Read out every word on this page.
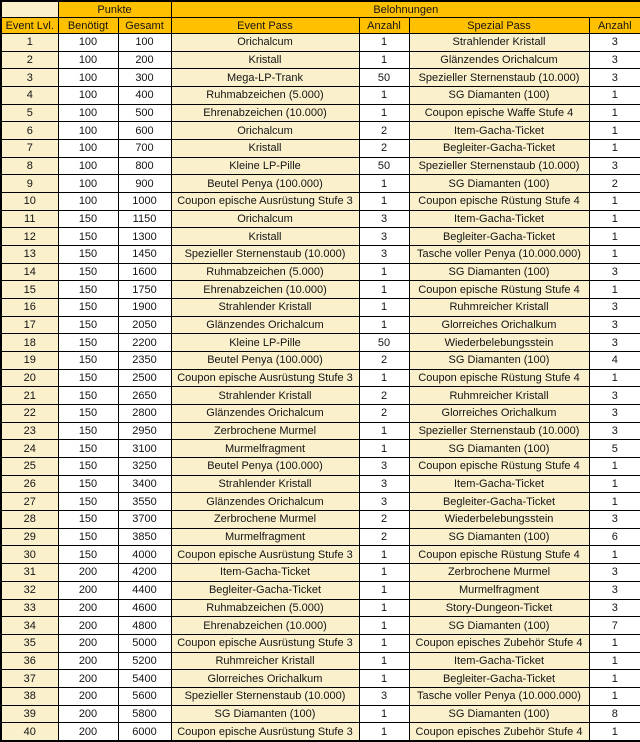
	Punkte		Belohnungen			
Event Lvl.	Benötigt	Gesamt	Event Pass	Anzahl	Spezial Pass	Anzahl
1	100	100	Orichalcum	1	Strahlender Kristall	3
2	100	200	Kristall	1	Glänzendes Orichalcum	3
3	100	300	Mega-LP-Trank	50	Spezieller Sternenstaub (10.000)	3
4	100	400	Ruhmabzeichen (5.000)	1	SG Diamanten (100)	1
5	100	500	Ehrenabzeichen (10.000)	1	Coupon epische Waffe Stufe 4	1
6	100	600	Orichalcum	2	Item-Gacha-Ticket	1
7	100	700	Kristall	2	Begleiter-Gacha-Ticket	1
8	100	800	Kleine LP-Pille	50	Spezieller Sternenstaub (10.000)	3
9	100	900	Beutel Penya (100.000)	1	SG Diamanten (100)	2
10	100	1000	Coupon epische Ausrüstung Stufe 3	1	Coupon epische Rüstung Stufe 4	1
11	150	1150	Orichalcum	3	Item-Gacha-Ticket	1
12	150	1300	Kristall	3	Begleiter-Gacha-Ticket	1
13	150	1450	Spezieller Sternenstaub (10.000)	3	Tasche voller Penya (10.000.000)	1
14	150	1600	Ruhmabzeichen (5.000)	1	SG Diamanten (100)	3
15	150	1750	Ehrenabzeichen (10.000)	1	Coupon epische Rüstung Stufe 4	1
16	150	1900	Strahlender Kristall	1	Ruhmreicher Kristall	3
17	150	2050	Glänzendes Orichalcum	1	Glorreiches Orichalkum	3
18	150	2200	Kleine LP-Pille	50	Wiederbelebungsstein	3
19	150	2350	Beutel Penya (100.000)	2	SG Diamanten (100)	4
20	150	2500	Coupon epische Ausrüstung Stufe 3	1	Coupon epische Rüstung Stufe 4	1
21	150	2650	Strahlender Kristall	2	Ruhmreicher Kristall	3
22	150	2800	Glänzendes Orichalcum	2	Glorreiches Orichalkum	3
23	150	2950	Zerbrochene Murmel	1	Spezieller Sternenstaub (10.000)	3
24	150	3100	Murmelfragment	1	SG Diamanten (100)	5
25	150	3250	Beutel Penya (100.000)	3	Coupon epische Rüstung Stufe 4	1
26	150	3400	Strahlender Kristall	3	Item-Gacha-Ticket	1
27	150	3550	Glänzendes Orichalcum	3	Begleiter-Gacha-Ticket	1
28	150	3700	Zerbrochene Murmel	2	Wiederbelebungsstein	3
29	150	3850	Murmelfragment	2	SG Diamanten (100)	6
30	150	4000	Coupon epische Ausrüstung Stufe 3	1	Coupon epische Rüstung Stufe 4	1
31	200	4200	Item-Gacha-Ticket	1	Zerbrochene Murmel	3
32	200	4400	Begleiter-Gacha-Ticket	1	Murmelfragment	3
33	200	4600	Ruhmabzeichen (5.000)	1	Story-Dungeon-Ticket	3
34	200	4800	Ehrenabzeichen (10.000)	1	SG Diamanten (100)	7
35	200	5000	Coupon epische Ausrüstung Stufe 3	1	Coupon episches Zubehör Stufe 4	1
36	200	5200	Ruhmreicher Kristall	1	Item-Gacha-Ticket	1
37	200	5400	Glorreiches Orichalkum	1	Begleiter-Gacha-Ticket	1
38	200	5600	Spezieller Sternenstaub (10.000)	3	Tasche voller Penya (10.000.000)	1
39	200	5800	SG Diamanten (100)	1	SG Diamanten (100)	8
40	200	6000	Coupon epische Ausrüstung Stufe 3	1	Coupon episches Zubehör Stufe 4	1
